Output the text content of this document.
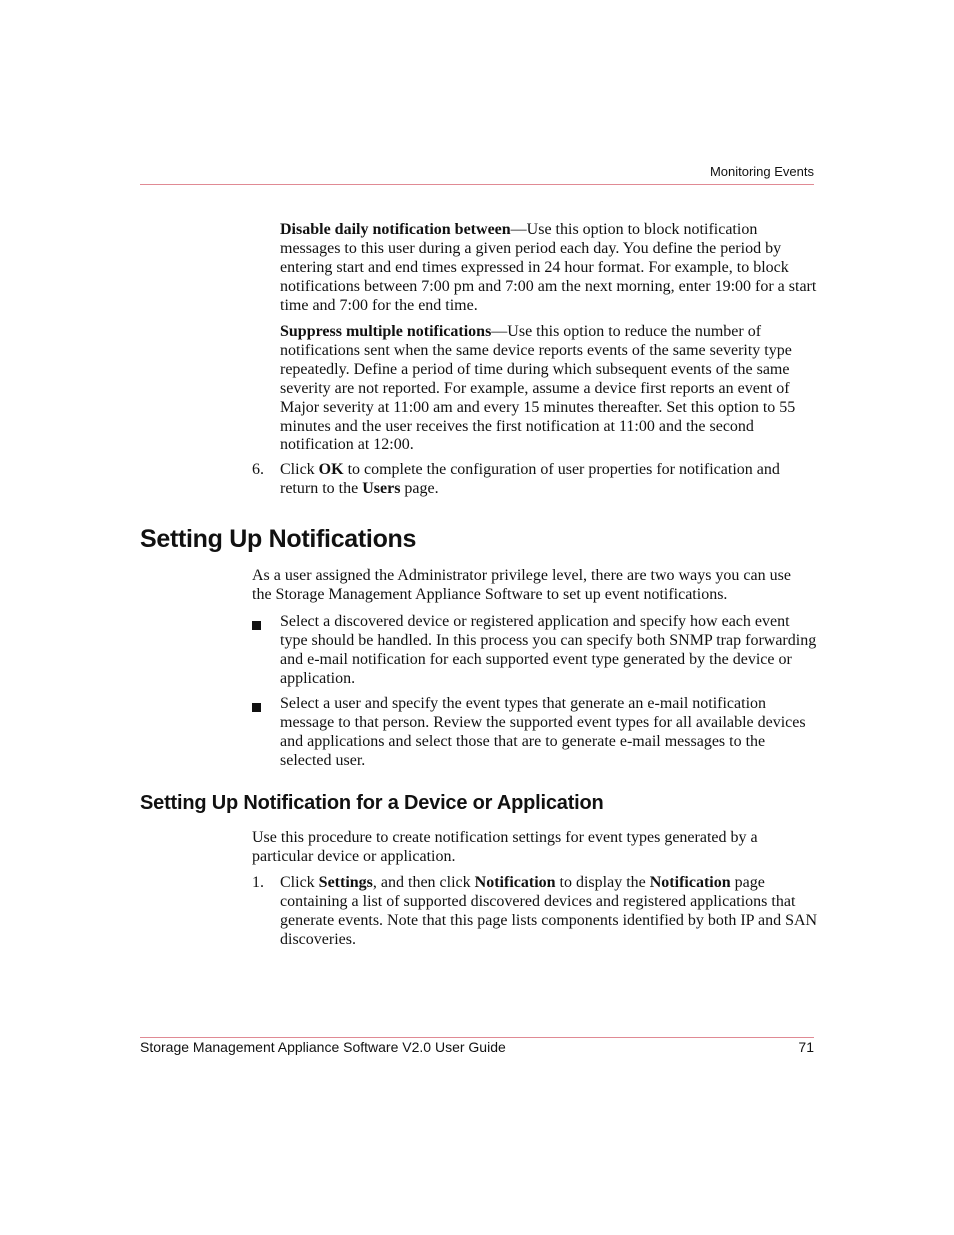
Monitoring Events

Disable daily notification between—Use this option to block notification messages to this user during a given period each day. You define the period by entering start and end times expressed in 24 hour format. For example, to block notifications between 7:00 pm and 7:00 am the next morning, enter 19:00 for a start time and 7:00 for the end time.

Suppress multiple notifications—Use this option to reduce the number of notifications sent when the same device reports events of the same severity type repeatedly. Define a period of time during which subsequent events of the same severity are not reported. For example, assume a device first reports an event of Major severity at 11:00 am and every 15 minutes thereafter. Set this option to 55 minutes and the user receives the first notification at 11:00 and the second notification at 12:00.

6. Click OK to complete the configuration of user properties for notification and return to the Users page.

Setting Up Notifications

As a user assigned the Administrator privilege level, there are two ways you can use the Storage Management Appliance Software to set up event notifications.

Select a discovered device or registered application and specify how each event type should be handled. In this process you can specify both SNMP trap forwarding and e-mail notification for each supported event type generated by the device or application.

Select a user and specify the event types that generate an e-mail notification message to that person. Review the supported event types for all available devices and applications and select those that are to generate e-mail messages to the selected user.

Setting Up Notification for a Device or Application

Use this procedure to create notification settings for event types generated by a particular device or application.

1. Click Settings, and then click Notification to display the Notification page containing a list of supported discovered devices and registered applications that generate events. Note that this page lists components identified by both IP and SAN discoveries.

Storage Management Appliance Software V2.0 User Guide	71
